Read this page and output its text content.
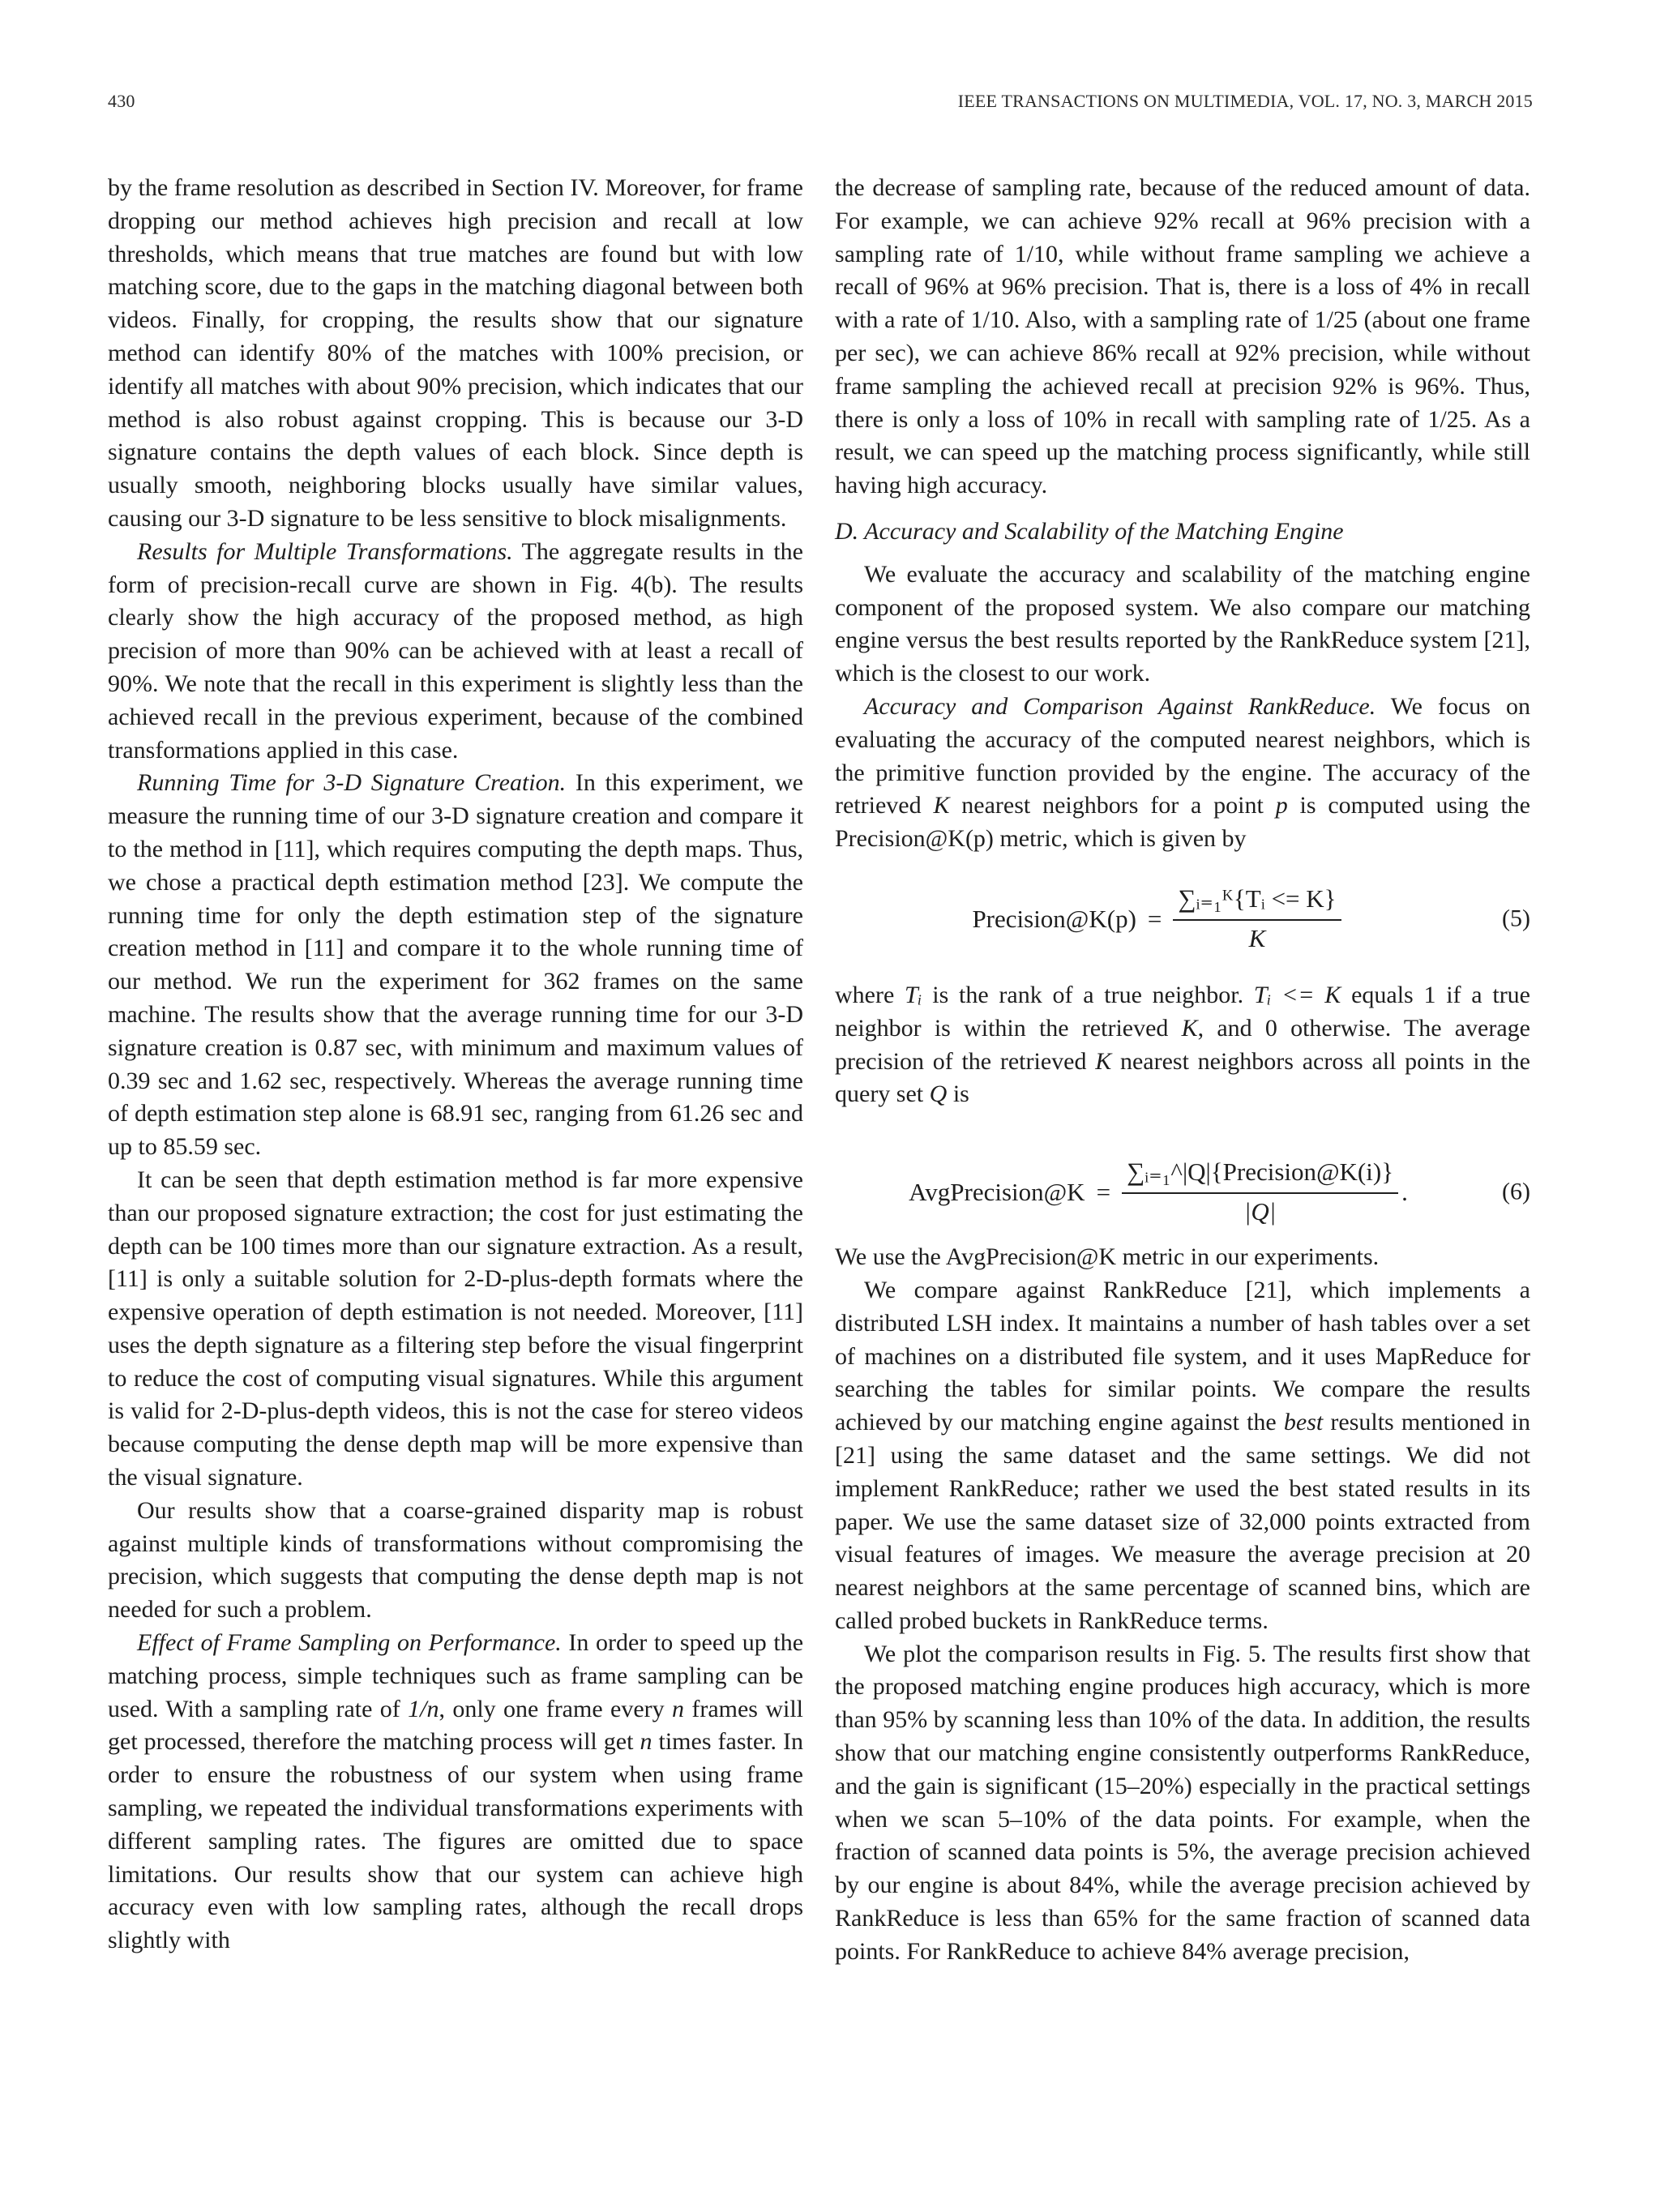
430	IEEE TRANSACTIONS ON MULTIMEDIA, VOL. 17, NO. 3, MARCH 2015

by the frame resolution as described in Section IV. Moreover, for frame dropping our method achieves high precision and recall at low thresholds, which means that true matches are found but with low matching score, due to the gaps in the matching diagonal between both videos. Finally, for cropping, the results show that our signature method can identify 80% of the matches with 100% precision, or identify all matches with about 90% precision, which indicates that our method is also robust against cropping. This is because our 3-D signature contains the depth values of each block. Since depth is usually smooth, neighboring blocks usually have similar values, causing our 3-D signature to be less sensitive to block misalignments.

Results for Multiple Transformations. The aggregate results in the form of precision-recall curve are shown in Fig. 4(b). The results clearly show the high accuracy of the proposed method, as high precision of more than 90% can be achieved with at least a recall of 90%. We note that the recall in this experiment is slightly less than the achieved recall in the previous experiment, because of the combined transformations applied in this case.

Running Time for 3-D Signature Creation. In this experiment, we measure the running time of our 3-D signature creation and compare it to the method in [11], which requires computing the depth maps. Thus, we chose a practical depth estimation method [23]. We compute the running time for only the depth estimation step of the signature creation method in [11] and compare it to the whole running time of our method. We run the experiment for 362 frames on the same machine. The results show that the average running time for our 3-D signature creation is 0.87 sec, with minimum and maximum values of 0.39 sec and 1.62 sec, respectively. Whereas the average running time of depth estimation step alone is 68.91 sec, ranging from 61.26 sec and up to 85.59 sec.

It can be seen that depth estimation method is far more expensive than our proposed signature extraction; the cost for just estimating the depth can be 100 times more than our signature extraction. As a result, [11] is only a suitable solution for 2-D-plus-depth formats where the expensive operation of depth estimation is not needed. Moreover, [11] uses the depth signature as a filtering step before the visual fingerprint to reduce the cost of computing visual signatures. While this argument is valid for 2-D-plus-depth videos, this is not the case for stereo videos because computing the dense depth map will be more expensive than the visual signature.

Our results show that a coarse-grained disparity map is robust against multiple kinds of transformations without compromising the precision, which suggests that computing the dense depth map is not needed for such a problem.

Effect of Frame Sampling on Performance. In order to speed up the matching process, simple techniques such as frame sampling can be used. With a sampling rate of 1/n, only one frame every n frames will get processed, therefore the matching process will get n times faster. In order to ensure the robustness of our system when using frame sampling, we repeated the individual transformations experiments with different sampling rates. The figures are omitted due to space limitations. Our results show that our system can achieve high accuracy even with low sampling rates, although the recall drops slightly with

the decrease of sampling rate, because of the reduced amount of data. For example, we can achieve 92% recall at 96% precision with a sampling rate of 1/10, while without frame sampling we achieve a recall of 96% at 96% precision. That is, there is a loss of 4% in recall with a rate of 1/10. Also, with a sampling rate of 1/25 (about one frame per sec), we can achieve 86% recall at 92% precision, while without frame sampling the achieved recall at precision 92% is 96%. Thus, there is only a loss of 10% in recall with sampling rate of 1/25. As a result, we can speed up the matching process significantly, while still having high accuracy.

D. Accuracy and Scalability of the Matching Engine

We evaluate the accuracy and scalability of the matching engine component of the proposed system. We also compare our matching engine versus the best results reported by the RankReduce system [21], which is the closest to our work.

Accuracy and Comparison Against RankReduce. We focus on evaluating the accuracy of the computed nearest neighbors, which is the primitive function provided by the engine. The accuracy of the retrieved K nearest neighbors for a point p is computed using the Precision@K(p) metric, which is given by

Precision@K(p) = $\frac{\text{∑ᵢ₌₁ᴷ\{Tᵢ <= K\}}}{K}$	(5)

where Tᵢ is the rank of a true neighbor. Tᵢ <= K equals 1 if a true neighbor is within the retrieved K, and 0 otherwise. The average precision of the retrieved K nearest neighbors across all points in the query set Q is

AvgPrecision@K = $\frac{\text{∑ᵢ₌₁\textasciicircum{}|Q|\{Precision@K(i)\}}}{|Q|}$ .	(6)

We use the AvgPrecision@K metric in our experiments.

We compare against RankReduce [21], which implements a distributed LSH index. It maintains a number of hash tables over a set of machines on a distributed file system, and it uses MapReduce for searching the tables for similar points. We compare the results achieved by our matching engine against the best results mentioned in [21] using the same dataset and the same settings. We did not implement RankReduce; rather we used the best stated results in its paper. We use the same dataset size of 32,000 points extracted from visual features of images. We measure the average precision at 20 nearest neighbors at the same percentage of scanned bins, which are called probed buckets in RankReduce terms.

We plot the comparison results in Fig. 5. The results first show that the proposed matching engine produces high accuracy, which is more than 95% by scanning less than 10% of the data. In addition, the results show that our matching engine consistently outperforms RankReduce, and the gain is significant (15–20%) especially in the practical settings when we scan 5–10% of the data points. For example, when the fraction of scanned data points is 5%, the average precision achieved by our engine is about 84%, while the average precision achieved by RankReduce is less than 65% for the same fraction of scanned data points. For RankReduce to achieve 84% average precision,
